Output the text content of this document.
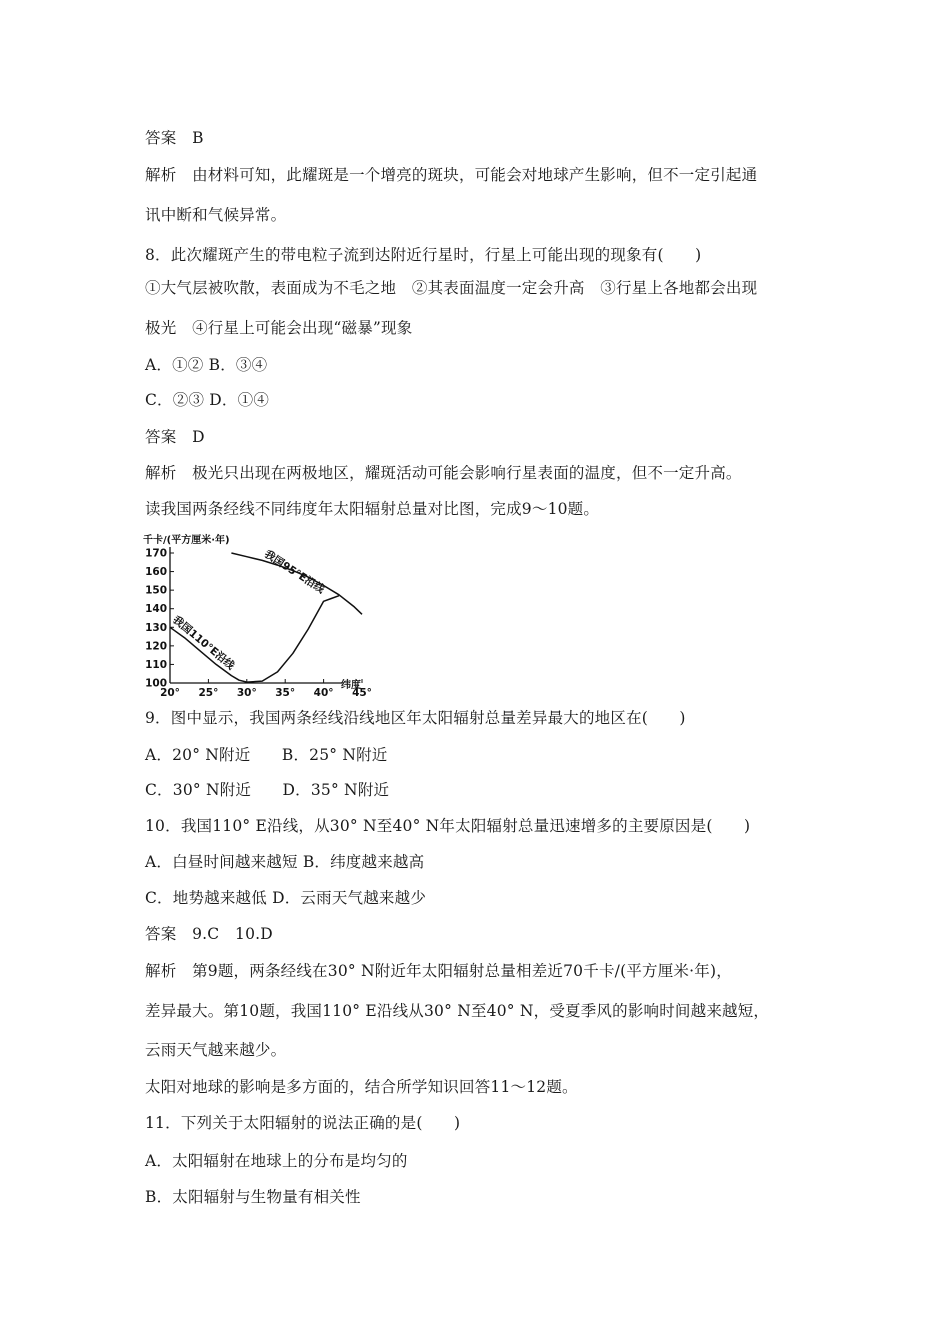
答案　B
解析　由材料可知，此耀斑是一个增亮的斑块，可能会对地球产生影响，但不一定引起通
讯中断和气候异常。
8．此次耀斑产生的带电粒子流到达附近行星时，行星上可能出现的现象有(　　)
①大气层被吹散，表面成为不毛之地　②其表面温度一定会升高　③行星上各地都会出现
极光　④行星上可能会出现“磁暴”现象
A．①② B．③④
C．②③ D．①④
答案　D
解析　极光只出现在两极地区，耀斑活动可能会影响行星表面的温度，但不一定升高。
读我国两条经线不同纬度年太阳辐射总量对比图，完成9～10题。
9．图中显示，我国两条经线沿线地区年太阳辐射总量差异最大的地区在(　　)
A．20° N附近　　B．25° N附近
C．30° N附近　　D．35° N附近
10．我国110° E沿线，从30° N至40° N年太阳辐射总量迅速增多的主要原因是(　　)
A．白昼时间越来越短 B．纬度越来越高
C．地势越来越低 D．云雨天气越来越少
答案　9.C　10.D
解析　第9题，两条经线在30° N附近年太阳辐射总量相差近70千卡/(平方厘米·年)，
差异最大。第10题，我国110° E沿线从30° N至40° N，受夏季风的影响时间越来越短，
云雨天气越来越少。
太阳对地球的影响是多方面的，结合所学知识回答11～12题。
11．下列关于太阳辐射的说法正确的是(　　)
A．太阳辐射在地球上的分布是均匀的
B．太阳辐射与生物量有相关性
千卡/(平方厘米·年)
纬度
100
110
120
130
140
150
160
170
20° 25° 30° 35° 40° 45°
我国95°E沿线
我国110°E沿线
